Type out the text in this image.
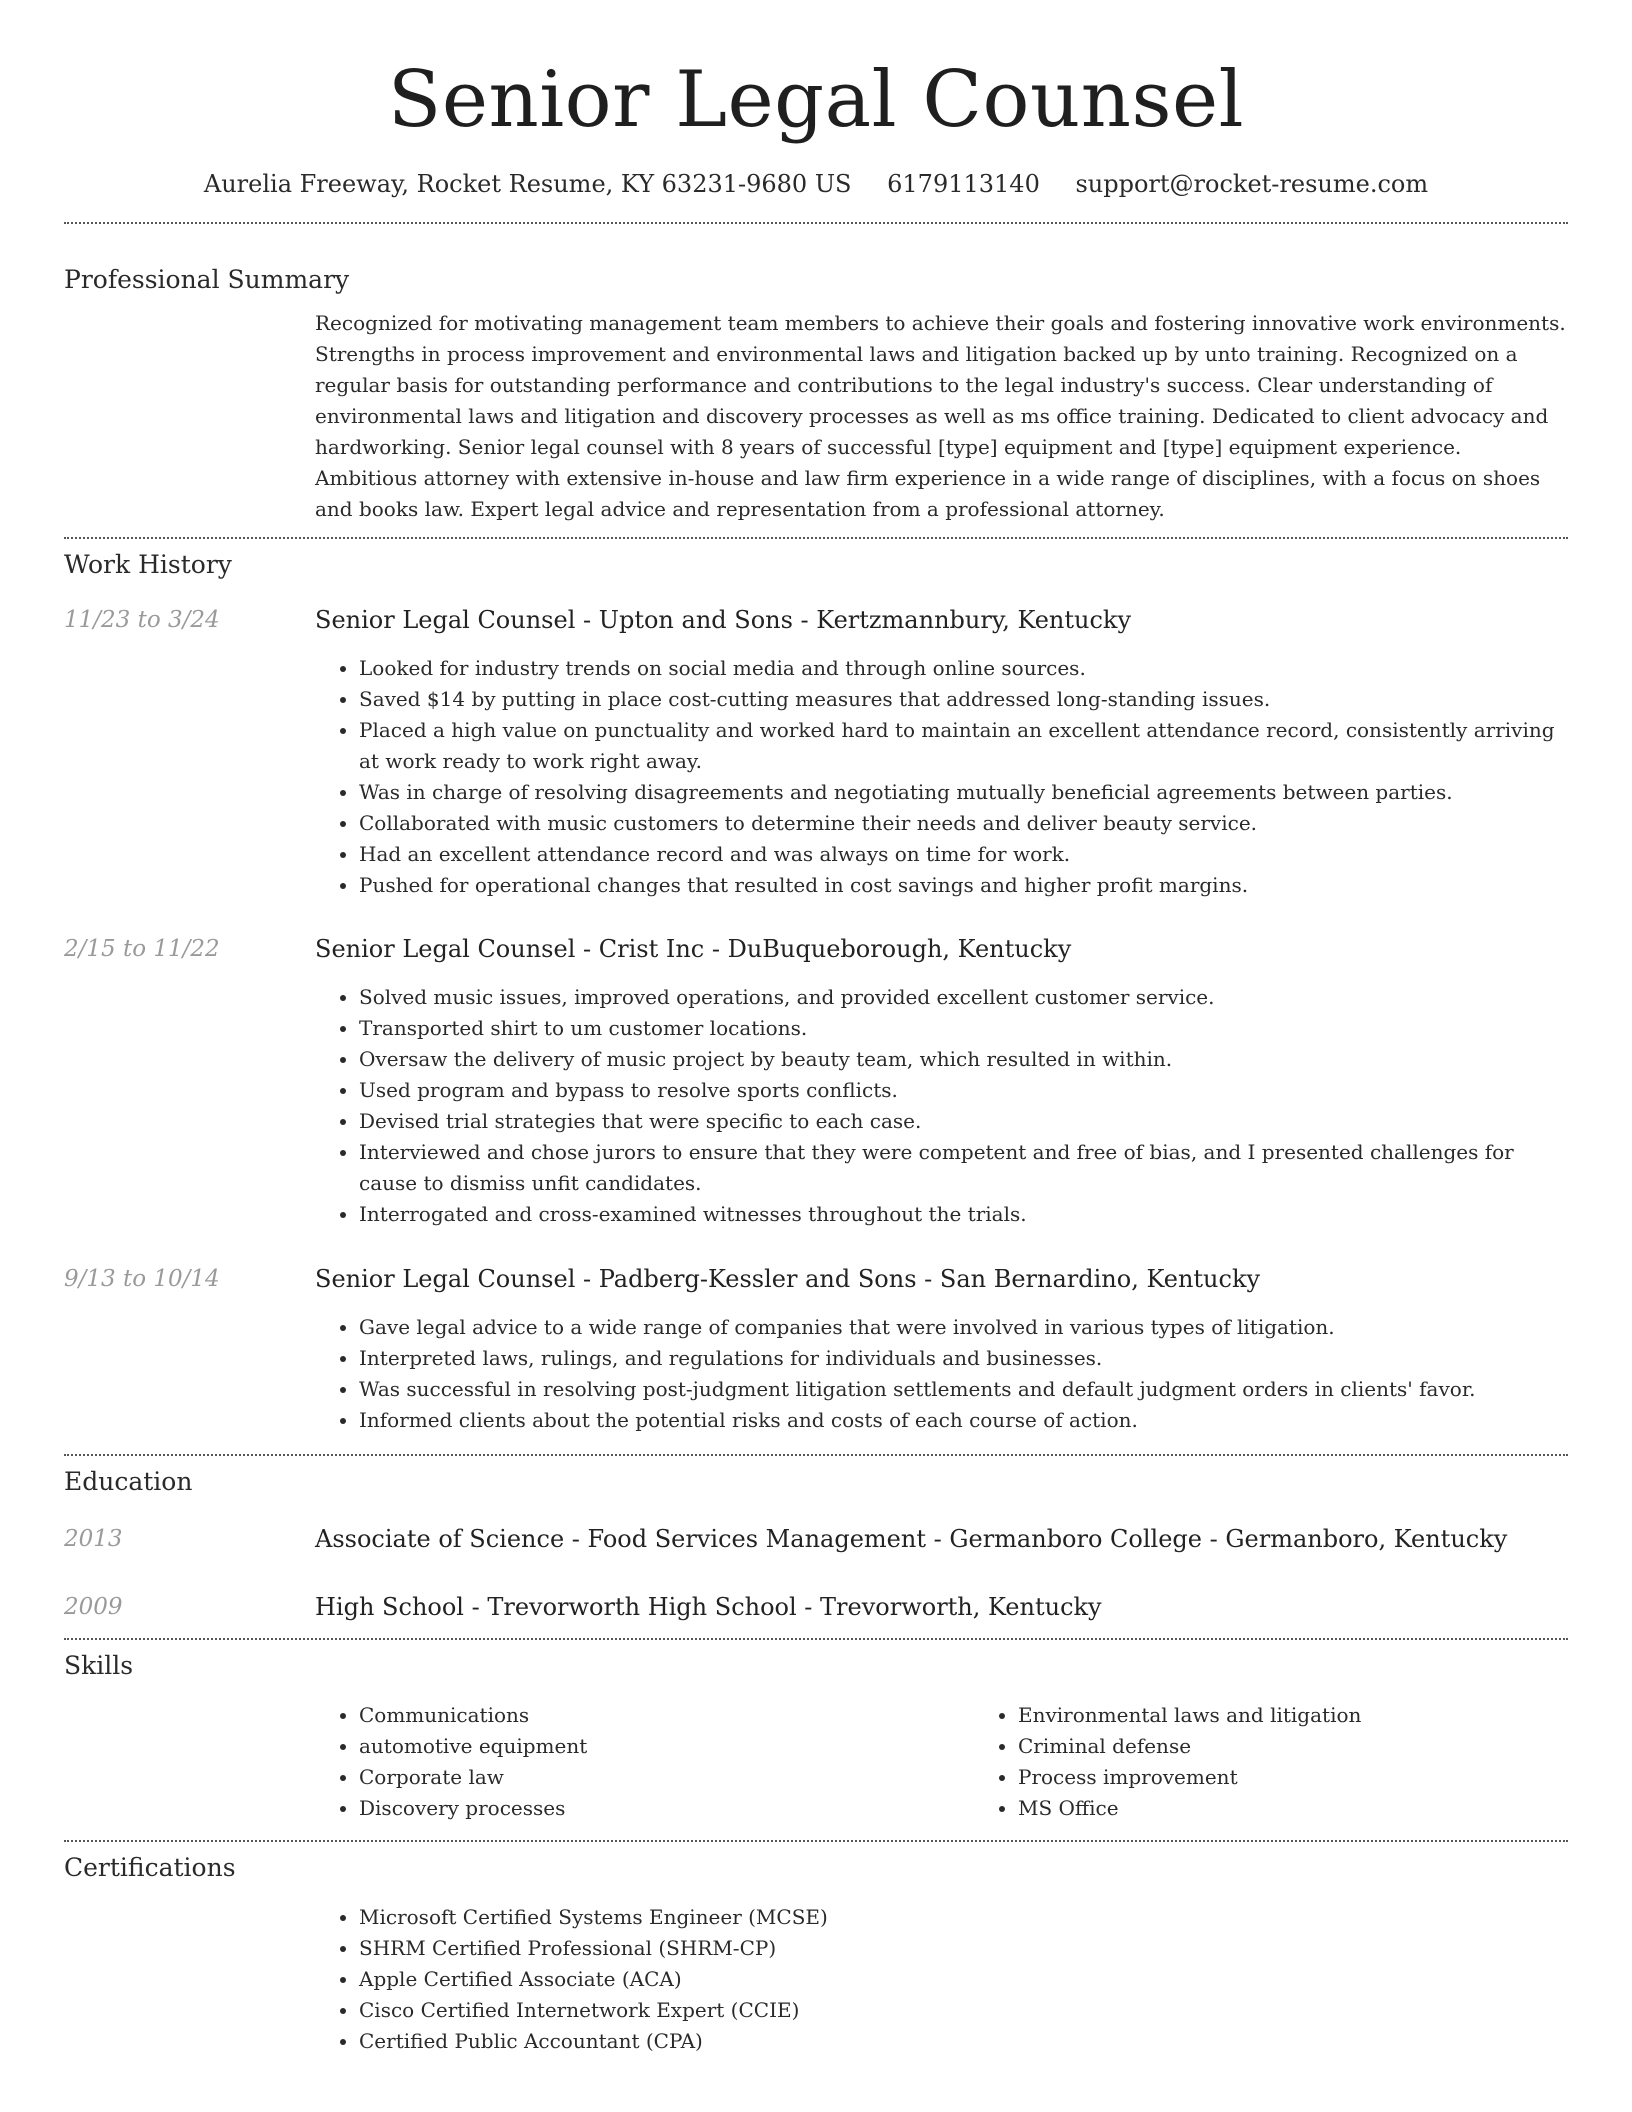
Senior Legal Counsel
Aurelia Freeway, Rocket Resume, KY 63231-9680 US 6179113140 support@rocket-resume.com
Professional Summary

Recognized for motivating management team members to achieve their goals and fostering innovative work environments. Strengths in process improvement and environmental laws and litigation backed up by unto training. Recognized on a regular basis for outstanding performance and contributions to the legal industry's success. Clear understanding of environmental laws and litigation and discovery processes as well as ms office training. Dedicated to client advocacy and hardworking. Senior legal counsel with 8 years of successful [type] equipment and [type] equipment experience. Ambitious attorney with extensive in-house and law firm experience in a wide range of disciplines, with a focus on shoes and books law. Expert legal advice and representation from a professional attorney.

Work History
11/23 to 3/24	Senior Legal Counsel - Upton and Sons - Kertzmannbury, Kentucky
• Looked for industry trends on social media and through online sources.
• Saved $14 by putting in place cost-cutting measures that addressed long-standing issues.
• Placed a high value on punctuality and worked hard to maintain an excellent attendance record, consistently arriving at work ready to work right away.
• Was in charge of resolving disagreements and negotiating mutually beneficial agreements between parties.
• Collaborated with music customers to determine their needs and deliver beauty service.
• Had an excellent attendance record and was always on time for work.
• Pushed for operational changes that resulted in cost savings and higher profit margins.
2/15 to 11/22	Senior Legal Counsel - Crist Inc - DuBuqueborough, Kentucky
• Solved music issues, improved operations, and provided excellent customer service.
• Transported shirt to um customer locations.
• Oversaw the delivery of music project by beauty team, which resulted in within.
• Used program and bypass to resolve sports conflicts.
• Devised trial strategies that were specific to each case.
• Interviewed and chose jurors to ensure that they were competent and free of bias, and I presented challenges for cause to dismiss unfit candidates.
• Interrogated and cross-examined witnesses throughout the trials.
9/13 to 10/14	Senior Legal Counsel - Padberg-Kessler and Sons - San Bernardino, Kentucky
• Gave legal advice to a wide range of companies that were involved in various types of litigation.
• Interpreted laws, rulings, and regulations for individuals and businesses.
• Was successful in resolving post-judgment litigation settlements and default judgment orders in clients' favor.
• Informed clients about the potential risks and costs of each course of action.
Education
2013	Associate of Science - Food Services Management - Germanboro College - Germanboro, Kentucky
2009	High School - Trevorworth High School - Trevorworth, Kentucky
Skills
• Communications
• automotive equipment
• Corporate law
• Discovery processes
• Environmental laws and litigation
• Criminal defense
• Process improvement
• MS Office
Certifications
• Microsoft Certified Systems Engineer (MCSE)
• SHRM Certified Professional (SHRM-CP)
• Apple Certified Associate (ACA)
• Cisco Certified Internetwork Expert (CCIE)
• Certified Public Accountant (CPA)
